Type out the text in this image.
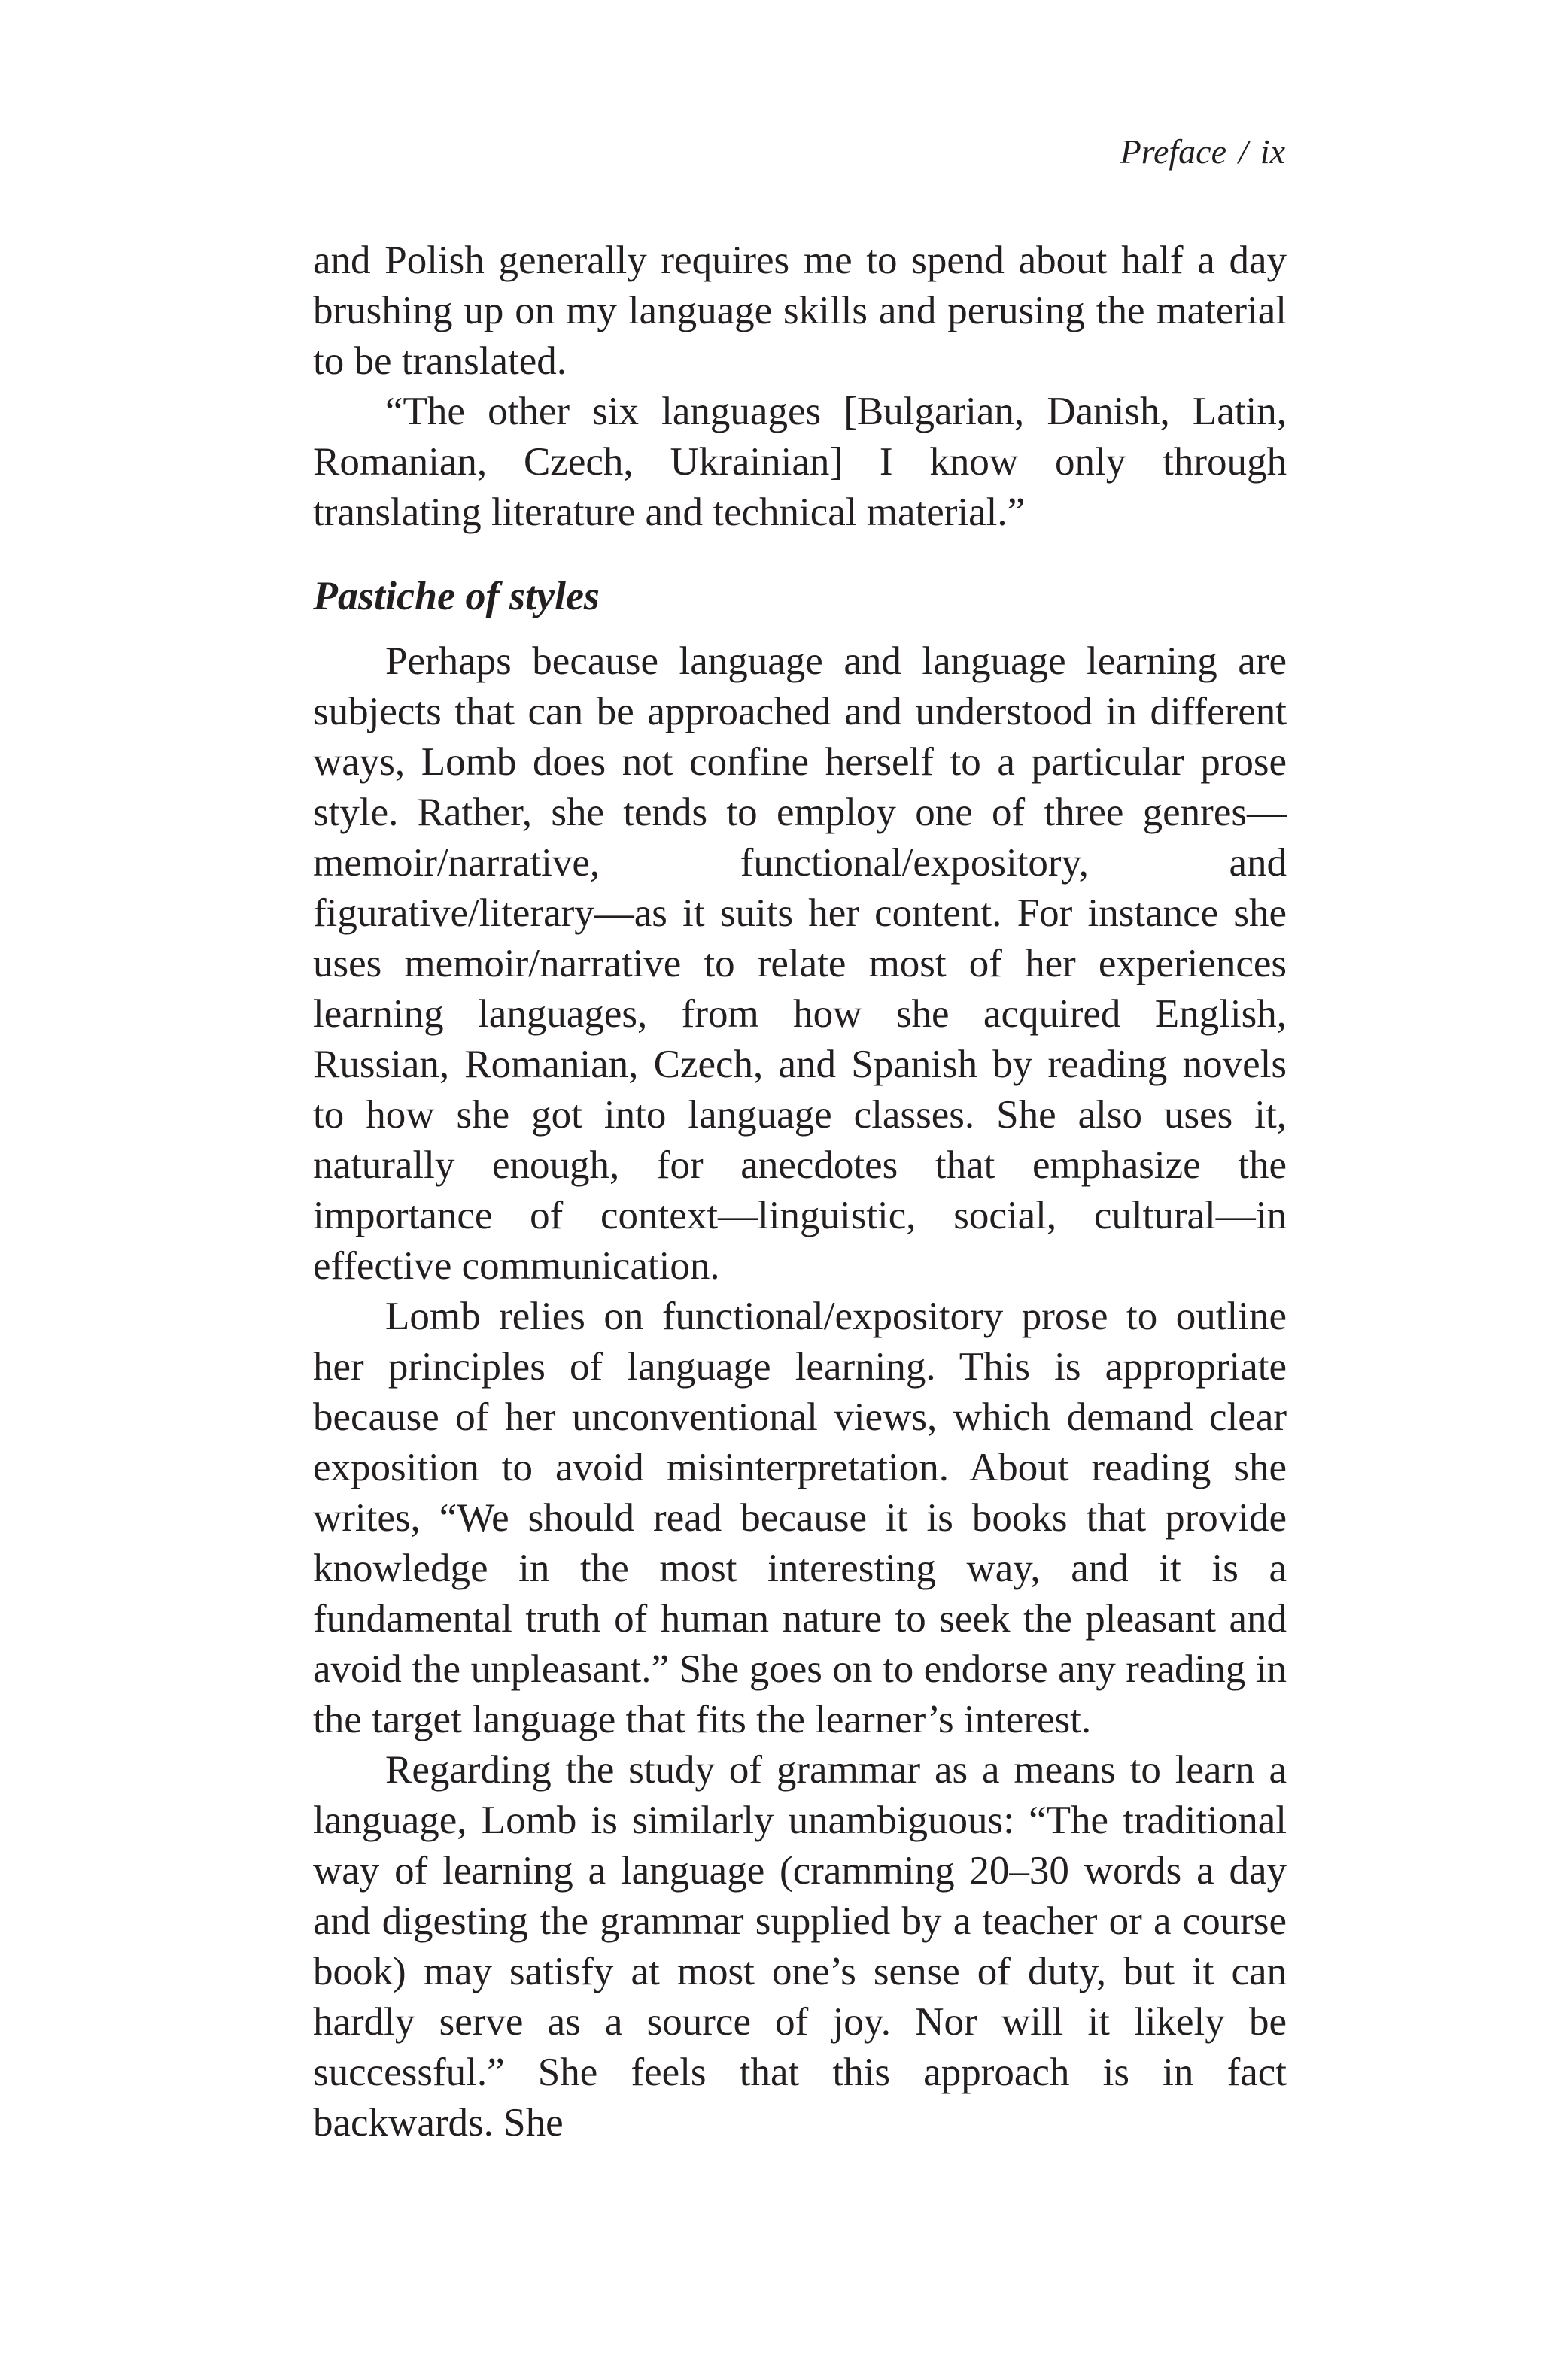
Preface / ix

and Polish generally requires me to spend about half a day brushing up on my language skills and perusing the material to be translated.

“The other six languages [Bulgarian, Danish, Latin, Romanian, Czech, Ukrainian] I know only through translating literature and technical material.”

Pastiche of styles

Perhaps because language and language learning are subjects that can be approached and understood in different ways, Lomb does not confine herself to a particular prose style. Rather, she tends to employ one of three genres—memoir/narrative, functional/expository, and figurative/literary—as it suits her content. For instance she uses memoir/narrative to relate most of her experiences learning languages, from how she acquired English, Russian, Romanian, Czech, and Spanish by reading novels to how she got into language classes. She also uses it, naturally enough, for anecdotes that emphasize the importance of context—linguistic, social, cultural—in effective communication.

Lomb relies on functional/expository prose to outline her principles of language learning. This is appropriate because of her unconventional views, which demand clear exposition to avoid misinterpretation. About reading she writes, “We should read because it is books that provide knowledge in the most interesting way, and it is a fundamental truth of human nature to seek the pleasant and avoid the unpleasant.” She goes on to endorse any reading in the target language that fits the learner’s interest.

Regarding the study of grammar as a means to learn a language, Lomb is similarly unambiguous: “The traditional way of learning a language (cramming 20–30 words a day and digesting the grammar supplied by a teacher or a course book) may satisfy at most one’s sense of duty, but it can hardly serve as a source of joy. Nor will it likely be successful.” She feels that this approach is in fact backwards. She
